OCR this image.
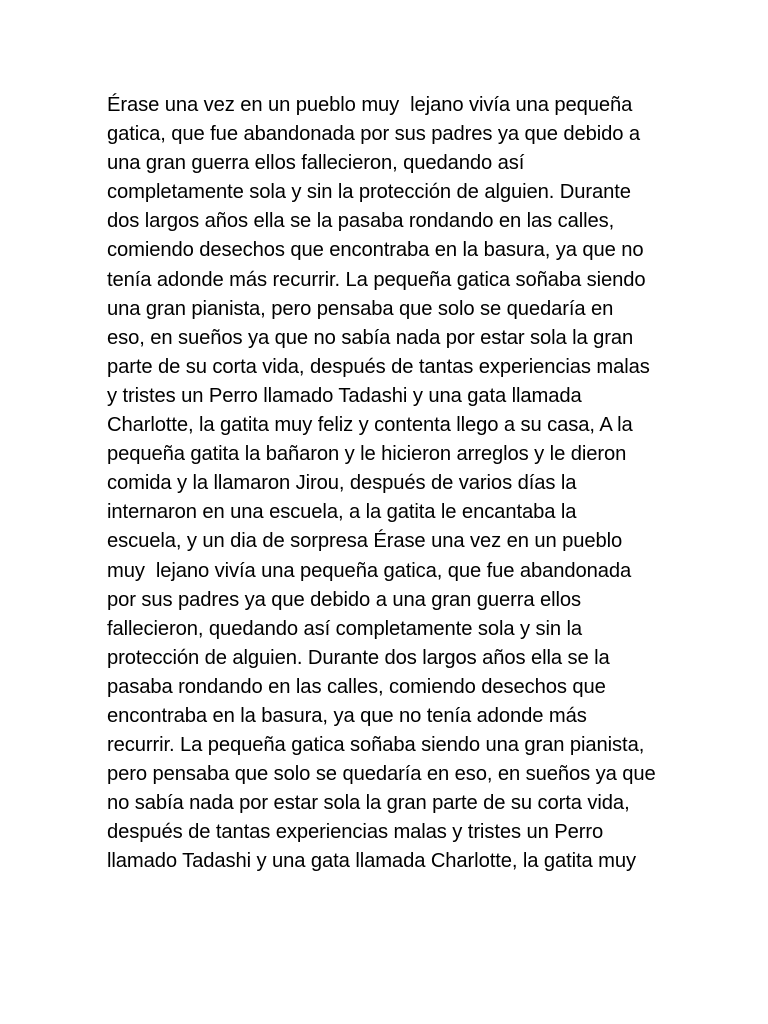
Érase una vez en un pueblo muy  lejano vivía una pequeña
gatica, que fue abandonada por sus padres ya que debido a
una gran guerra ellos fallecieron, quedando así
completamente sola y sin la protección de alguien. Durante
dos largos años ella se la pasaba rondando en las calles,
comiendo desechos que encontraba en la basura, ya que no
tenía adonde más recurrir. La pequeña gatica soñaba siendo
una gran pianista, pero pensaba que solo se quedaría en
eso, en sueños ya que no sabía nada por estar sola la gran
parte de su corta vida, después de tantas experiencias malas
y tristes un Perro llamado Tadashi y una gata llamada
Charlotte, la gatita muy feliz y contenta llego a su casa, A la
pequeña gatita la bañaron y le hicieron arreglos y le dieron
comida y la llamaron Jirou, después de varios días la
internaron en una escuela, a la gatita le encantaba la
escuela, y un dia de sorpresa Érase una vez en un pueblo
muy  lejano vivía una pequeña gatica, que fue abandonada
por sus padres ya que debido a una gran guerra ellos
fallecieron, quedando así completamente sola y sin la
protección de alguien. Durante dos largos años ella se la
pasaba rondando en las calles, comiendo desechos que
encontraba en la basura, ya que no tenía adonde más
recurrir. La pequeña gatica soñaba siendo una gran pianista,
pero pensaba que solo se quedaría en eso, en sueños ya que
no sabía nada por estar sola la gran parte de su corta vida,
después de tantas experiencias malas y tristes un Perro
llamado Tadashi y una gata llamada Charlotte, la gatita muy
